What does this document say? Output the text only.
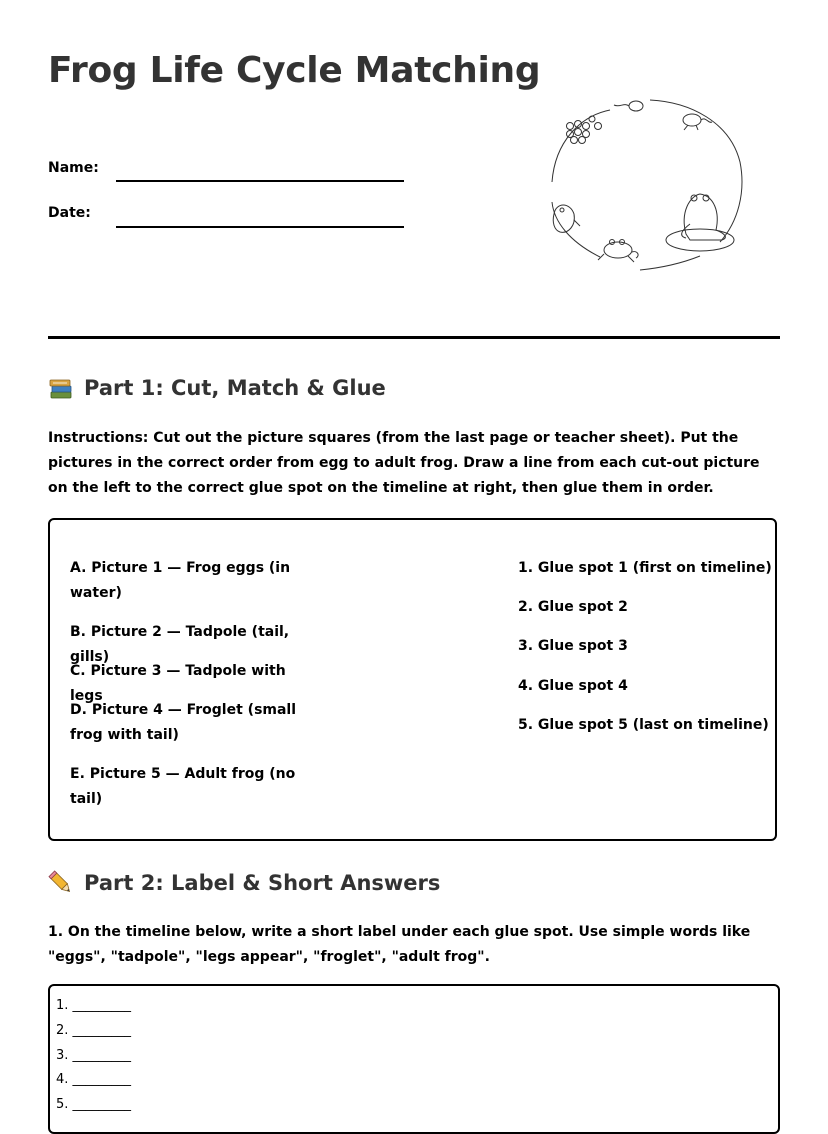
Frog Life Cycle Matching
Name:
Date:
Part 1: Cut, Match & Glue

Instructions: Cut out the picture squares (from the last page or teacher sheet). Put the pictures in the correct order from egg to adult frog. Draw a line from each cut-out picture on the left to the correct glue spot on the timeline at right, then glue them in order.

A. Picture 1 — Frog eggs (in water)
B. Picture 2 — Tadpole (tail, gills)
C. Picture 3 — Tadpole with legs
D. Picture 4 — Froglet (small frog with tail)
E. Picture 5 — Adult frog (no tail)
1. Glue spot 1 (first on timeline)
2. Glue spot 2
3. Glue spot 3
4. Glue spot 4
5. Glue spot 5 (last on timeline)
Part 2: Label & Short Answers

1. On the timeline below, write a short label under each glue spot. Use simple words like "eggs", "tadpole", "legs appear", "froglet", "adult frog".

1. _________
2. _________
3. _________
4. _________
5. _________
